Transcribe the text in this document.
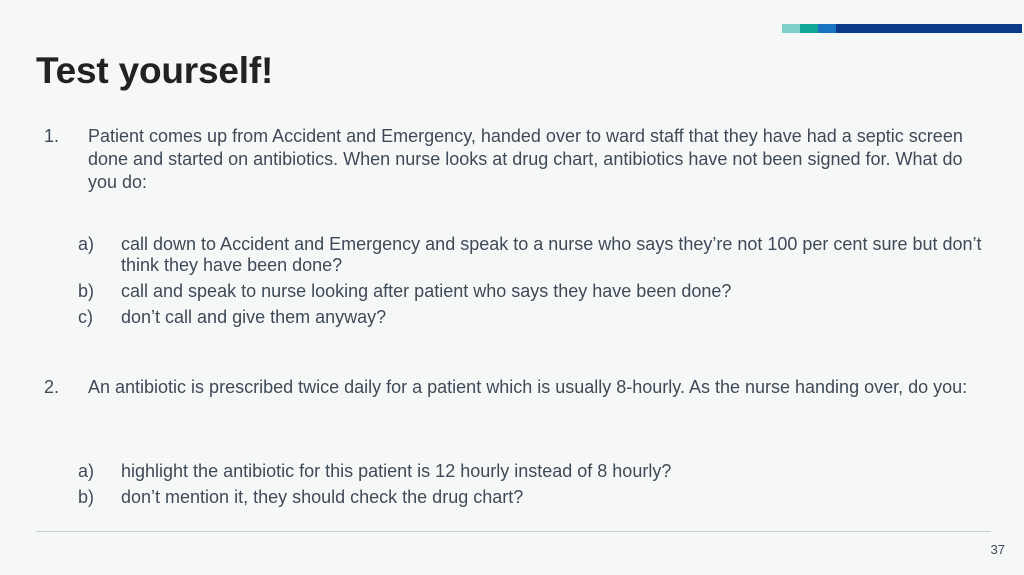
Test yourself!
1. Patient comes up from Accident and Emergency, handed over to ward staff that they have had a septic screen done and started on antibiotics. When nurse looks at drug chart, antibiotics have not been signed for. What do you do:
a) call down to Accident and Emergency and speak to a nurse who says they’re not 100 per cent sure but don’t think they have been done?
b) call and speak to nurse looking after patient who says they have been done?
c) don’t call and give them anyway?
2. An antibiotic is prescribed twice daily for a patient which is usually 8-hourly. As the nurse handing over, do you:
a) highlight the antibiotic for this patient is 12 hourly instead of 8 hourly?
b) don’t mention it, they should check the drug chart?
37
